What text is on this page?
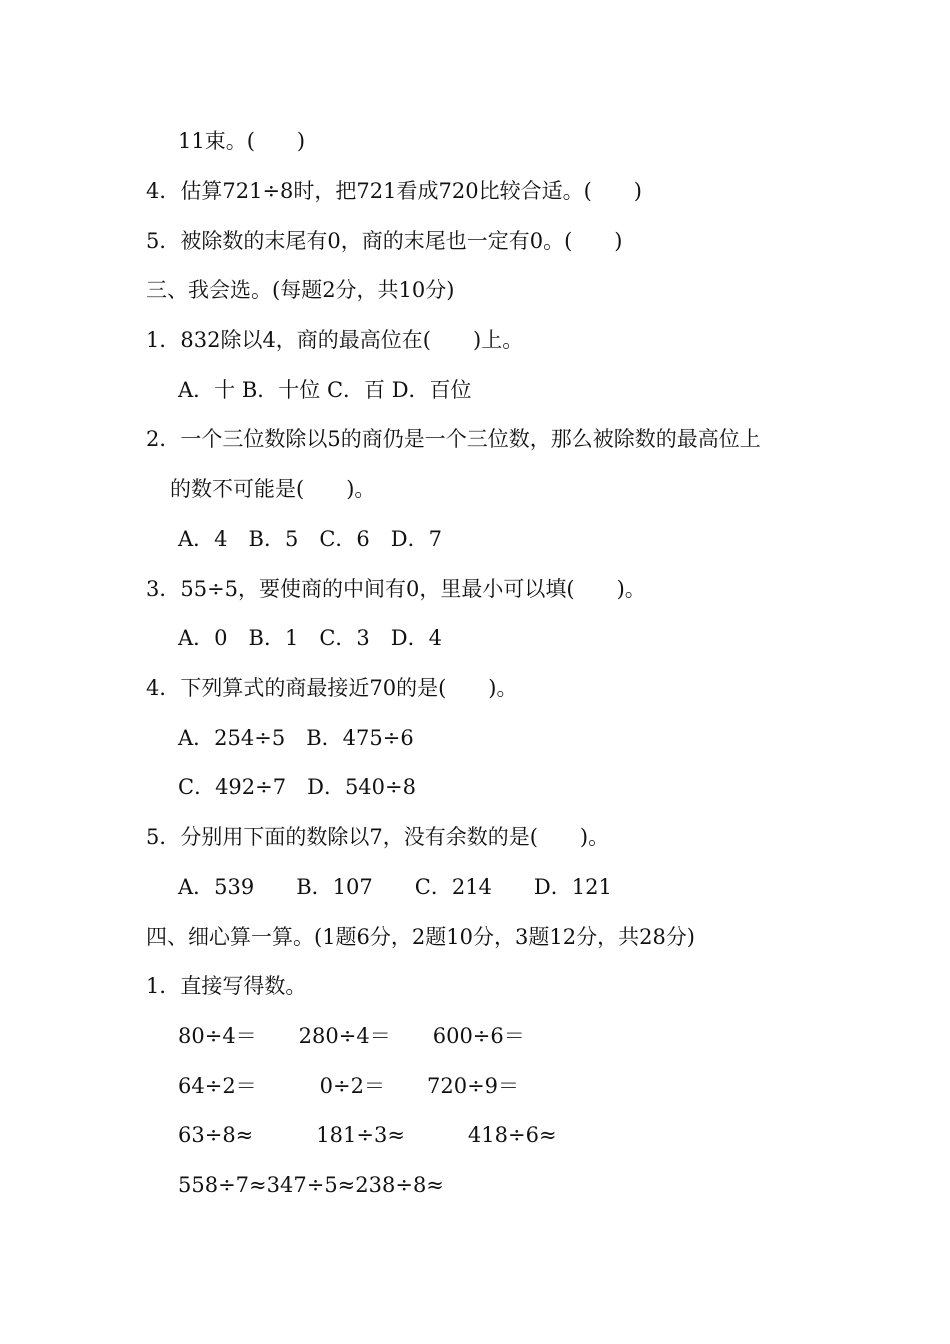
11束。(　　)
4．估算721÷8时，把721看成720比较合适。(　　)
5．被除数的末尾有0，商的末尾也一定有0。(　　)
三、我会选。(每题2分，共10分)
1．832除以4，商的最高位在(　　)上。
A．十 B．十位 C．百 D．百位
2．一个三位数除以5的商仍是一个三位数，那么被除数的最高位上
的数不可能是(　　)。
A．4　B．5　C．6　D．7
3．55÷5，要使商的中间有0，里最小可以填(　　)。
A．0　B．1　C．3　D．4
4．下列算式的商最接近70的是(　　)。
A．254÷5　B．475÷6
C．492÷7　D．540÷8
5．分别用下面的数除以7，没有余数的是(　　)。
A．539　　B．107　　C．214　　D．121
四、细心算一算。(1题6分，2题10分，3题12分，共28分)
1．直接写得数。
80÷4＝　　280÷4＝　　600÷6＝
64÷2＝　　　0÷2＝　　720÷9＝
63÷8≈　　　181÷3≈　　　418÷6≈
558÷7≈347÷5≈238÷8≈
